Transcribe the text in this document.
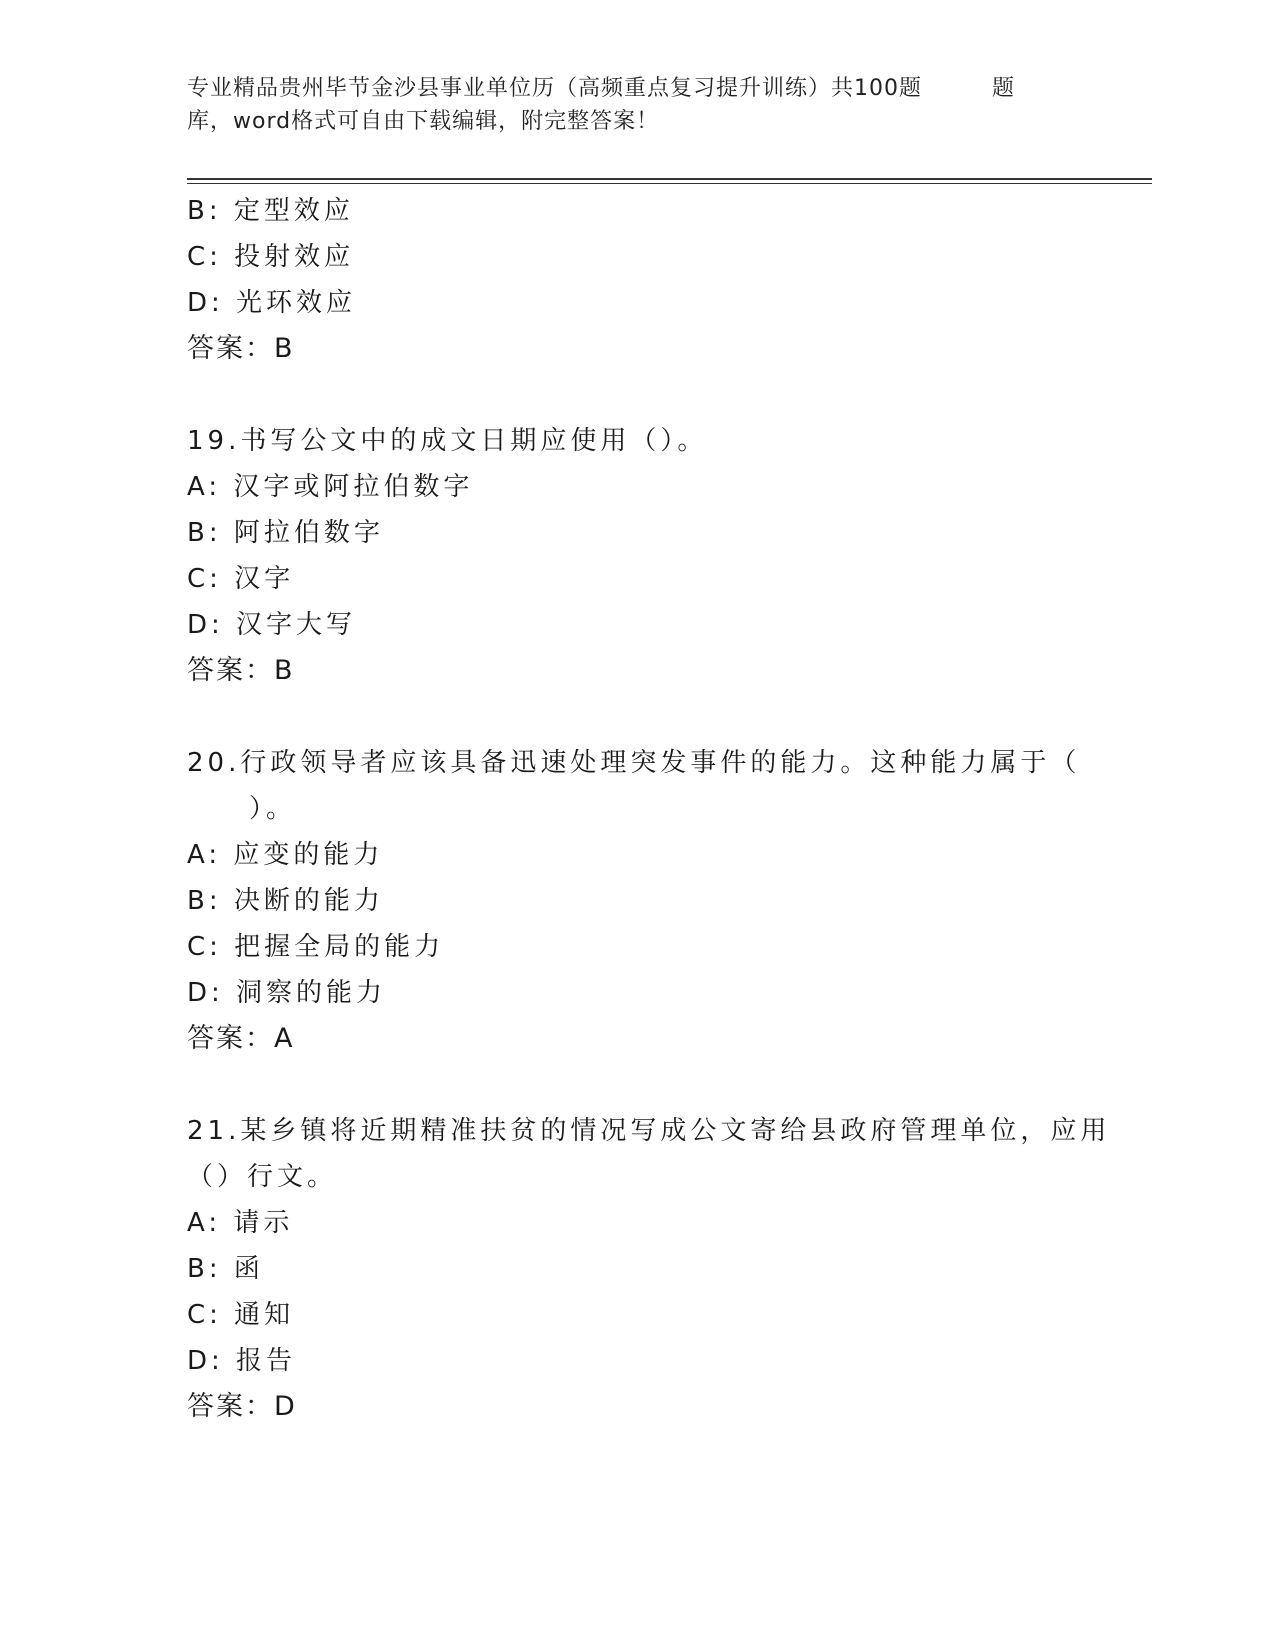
专业精品贵州毕节金沙县事业单位历（高频重点复习提升训练）共100题	题
库，word格式可自由下载编辑，附完整答案！
B: 定型效应
C: 投射效应
D: 光环效应
答案：B
19.书写公文中的成文日期应使用（）。
A: 汉字或阿拉伯数字
B: 阿拉伯数字
C: 汉字
D: 汉字大写
答案：B
20.行政领导者应该具备迅速处理突发事件的能力。这种能力属于（
）。
A: 应变的能力
B: 决断的能力
C: 把握全局的能力
D: 洞察的能力
答案：A
21.某乡镇将近期精准扶贫的情况写成公文寄给县政府管理单位，应用
（）行文。
A: 请示
B: 函
C: 通知
D: 报告
答案：D
